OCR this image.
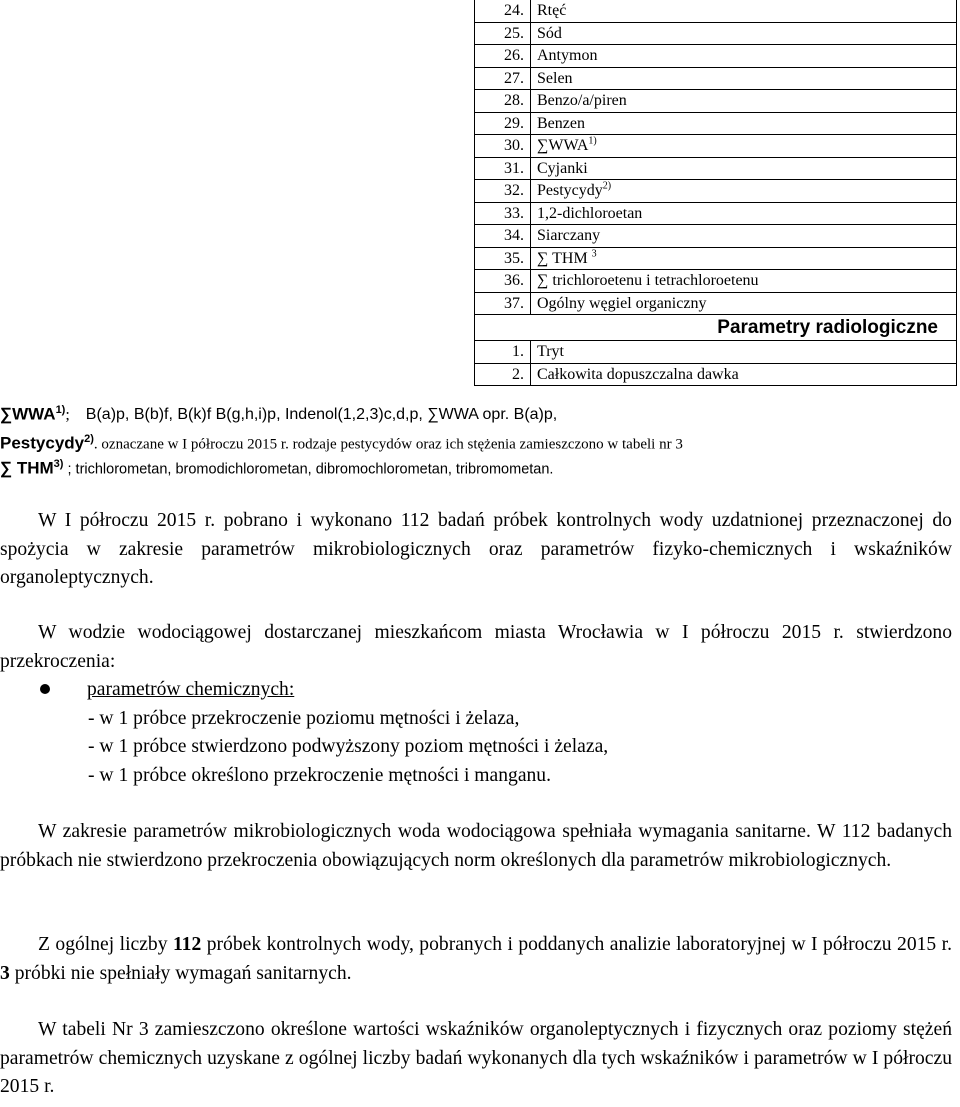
24. Rtęć
25. Sód
26. Antymon
27. Selen
28. Benzo/a/piren
29. Benzen
30. ∑WWA$^{1)}$
31. Cyjanki
32. Pestycydy$^{2)}$
33. 1,2-dichloroetan
34. Siarczany
35. ∑ THM $^3$
36. ∑ trichloroetenu i tetrachloroetenu
37. Ogólny węgiel organiczny
Parametry radiologiczne
1. Tryt
2. Całkowita dopuszczalna dawka
∑WWA$^{1)}$; B(a)p, B(b)f, B(k)f B(g,h,i)p, Indenol(1,2,3)c,d,p, ∑WWA opr. B(a)p,
Pestycydy$^{2)}$. oznaczane w I półroczu 2015 r. rodzaje pestycydów oraz ich stężenia zamieszczono w tabeli nr 3
∑ THM$^{3)}$ ; trichlorometan, bromodichlorometan, dibromochlorometan, tribromometan.
W I półroczu 2015 r. pobrano i wykonano 112 badań próbek kontrolnych wody uzdatnionej przeznaczonej do spożycia w zakresie parametrów mikrobiologicznych oraz parametrów fizyko-chemicznych i wskaźników organoleptycznych.
W wodzie wodociągowej dostarczanej mieszkańcom miasta Wrocławia w I półroczu 2015 r. stwierdzono przekroczenia:
parametrów chemicznych:
- w 1 próbce przekroczenie poziomu mętności i żelaza,
- w 1 próbce stwierdzono podwyższony poziom mętności i żelaza,
- w 1 próbce określono przekroczenie mętności i manganu.
W zakresie parametrów mikrobiologicznych woda wodociągowa spełniała wymagania sanitarne. W 112 badanych próbkach nie stwierdzono przekroczenia obowiązujących norm określonych dla parametrów mikrobiologicznych.
Z ogólnej liczby 112 próbek kontrolnych wody, pobranych i poddanych analizie laboratoryjnej w I półroczu 2015 r. 3 próbki nie spełniały wymagań sanitarnych.
W tabeli Nr 3 zamieszczono określone wartości wskaźników organoleptycznych i fizycznych oraz poziomy stężeń parametrów chemicznych uzyskane z ogólnej liczby badań wykonanych dla tych wskaźników i parametrów w I półroczu 2015 r.
